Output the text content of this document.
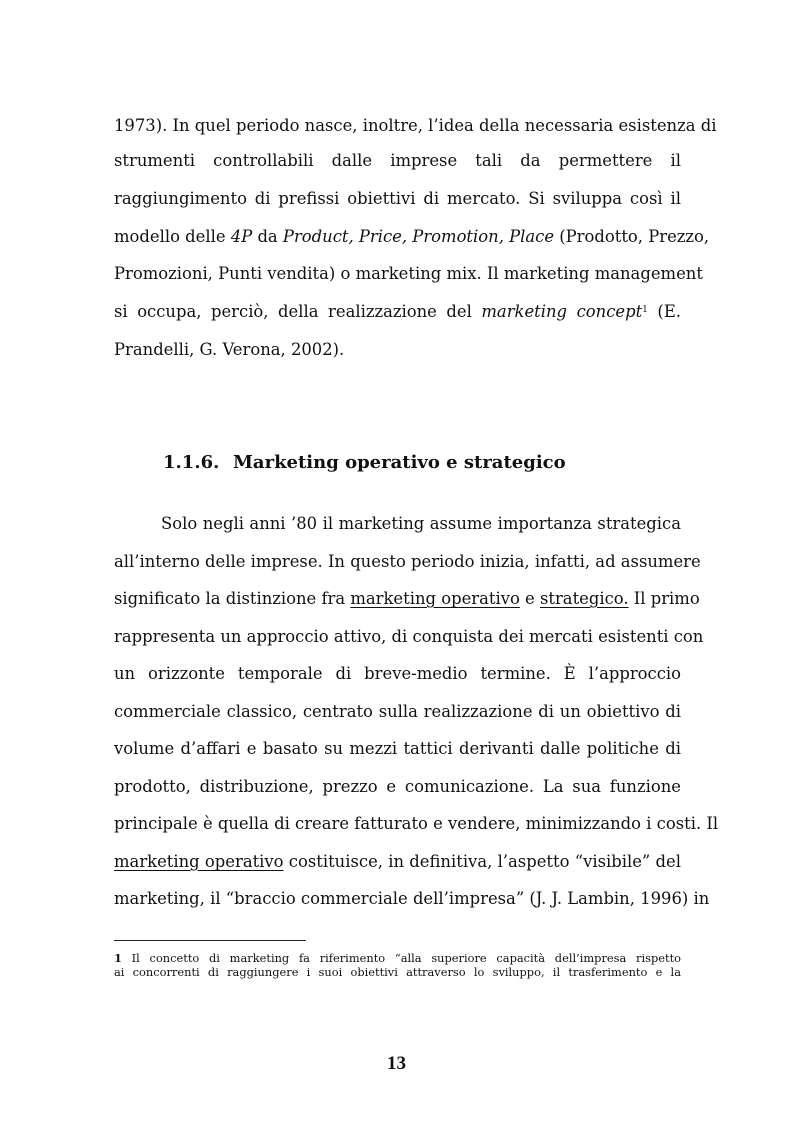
1973). In quel periodo nasce, inoltre, l’idea della necessaria esistenza di
strumenti controllabili dalle imprese tali da permettere il
raggiungimento di prefissi obiettivi di mercato. Si sviluppa così il
modello delle 4P da Product, Price, Promotion, Place (Prodotto, Prezzo,
Promozioni, Punti vendita) o marketing mix. Il marketing management
si occupa, perciò, della realizzazione del marketing concept$^1$ (E.
Prandelli, G. Verona, 2002).
1.1.6. Marketing operativo e strategico
Solo negli anni ’80 il marketing assume importanza strategica
all’interno delle imprese. In questo periodo inizia, infatti, ad assumere
significato la distinzione fra marketing operativo e strategico. Il primo
rappresenta un approccio attivo, di conquista dei mercati esistenti con
un orizzonte temporale di breve-medio termine. È l’approccio
commerciale classico, centrato sulla realizzazione di un obiettivo di
volume d’affari e basato su mezzi tattici derivanti dalle politiche di
prodotto, distribuzione, prezzo e comunicazione. La sua funzione
principale è quella di creare fatturato e vendere, minimizzando i costi. Il
marketing operativo costituisce, in definitiva, l’aspetto “visibile” del
marketing, il “braccio commerciale dell’impresa” (J. J. Lambin, 1996) in
1 Il concetto di marketing fa riferimento “alla superiore capacità dell’impresa rispetto
ai concorrenti di raggiungere i suoi obiettivi attraverso lo sviluppo, il trasferimento e la
13
